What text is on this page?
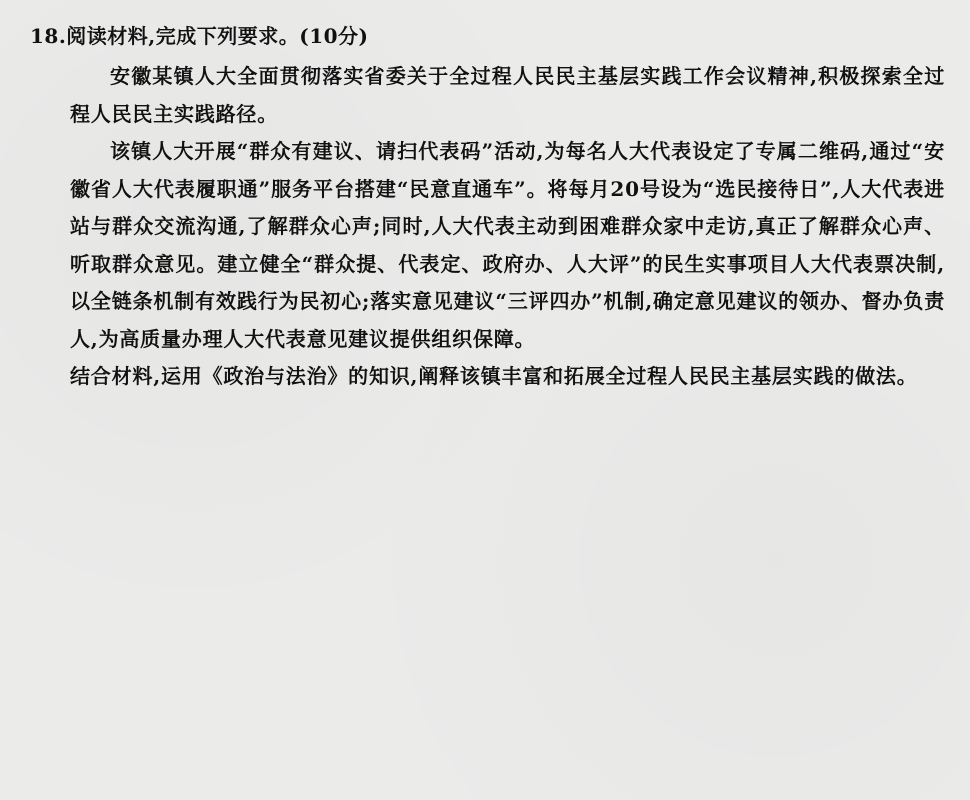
18.阅读材料,完成下列要求。(10分)

安徽某镇人大全面贯彻落实省委关于全过程人民民主基层实践工作会议精神,积极探索全过程人民民主实践路径。

该镇人大开展“群众有建议、请扫代表码”活动,为每名人大代表设定了专属二维码,通过“安徽省人大代表履职通”服务平台搭建“民意直通车”。将每月20号设为“选民接待日”,人大代表进站与群众交流沟通,了解群众心声;同时,人大代表主动到困难群众家中走访,真正了解群众心声、听取群众意见。建立健全“群众提、代表定、政府办、人大评”的民生实事项目人大代表票决制,以全链条机制有效践行为民初心;落实意见建议“三评四办”机制,确定意见建议的领办、督办负责人,为高质量办理人大代表意见建议提供组织保障。

结合材料,运用《政治与法治》的知识,阐释该镇丰富和拓展全过程人民民主基层实践的做法。
